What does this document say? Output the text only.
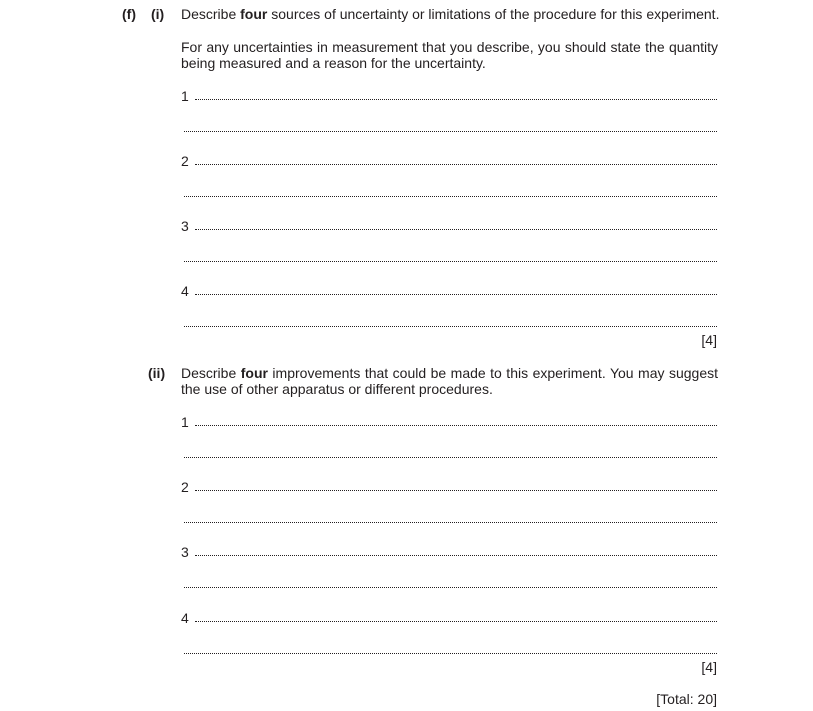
(f) (i) Describe four sources of uncertainty or limitations of the procedure for this experiment.
For any uncertainties in measurement that you describe, you should state the quantity being measured and a reason for the uncertainty.
1
2
3
4
[4]
(ii) Describe four improvements that could be made to this experiment. You may suggest the use of other apparatus or different procedures.
1
2
3
4
[4]
[Total: 20]
